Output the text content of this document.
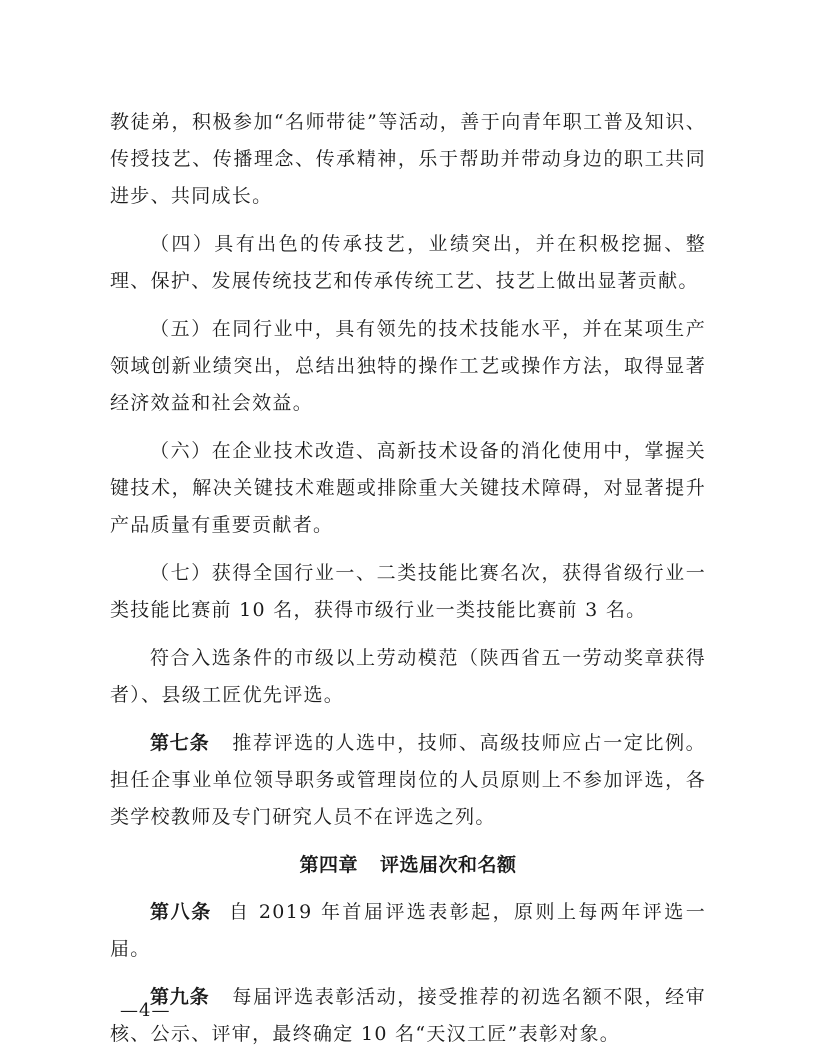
教徒弟，积极参加“名师带徒”等活动，善于向青年职工普及知识、传授技艺、传播理念、传承精神，乐于帮助并带动身边的职工共同进步、共同成长。

（四）具有出色的传承技艺，业绩突出，并在积极挖掘、整理、保护、发展传统技艺和传承传统工艺、技艺上做出显著贡献。

（五）在同行业中，具有领先的技术技能水平，并在某项生产领域创新业绩突出，总结出独特的操作工艺或操作方法，取得显著经济效益和社会效益。

（六）在企业技术改造、高新技术设备的消化使用中，掌握关键技术，解决关键技术难题或排除重大关键技术障碍，对显著提升产品质量有重要贡献者。

（七）获得全国行业一、二类技能比赛名次，获得省级行业一类技能比赛前 10 名，获得市级行业一类技能比赛前 3 名。

符合入选条件的市级以上劳动模范（陕西省五一劳动奖章获得者）、县级工匠优先评选。

第七条 推荐评选的人选中，技师、高级技师应占一定比例。担任企事业单位领导职务或管理岗位的人员原则上不参加评选，各类学校教师及专门研究人员不在评选之列。

第四章 评选届次和名额

第八条 自 2019 年首届评选表彰起，原则上每两年评选一届。

第九条 每届评选表彰活动，接受推荐的初选名额不限，经审核、公示、评审，最终确定 10 名“天汉工匠”表彰对象。

—4—
